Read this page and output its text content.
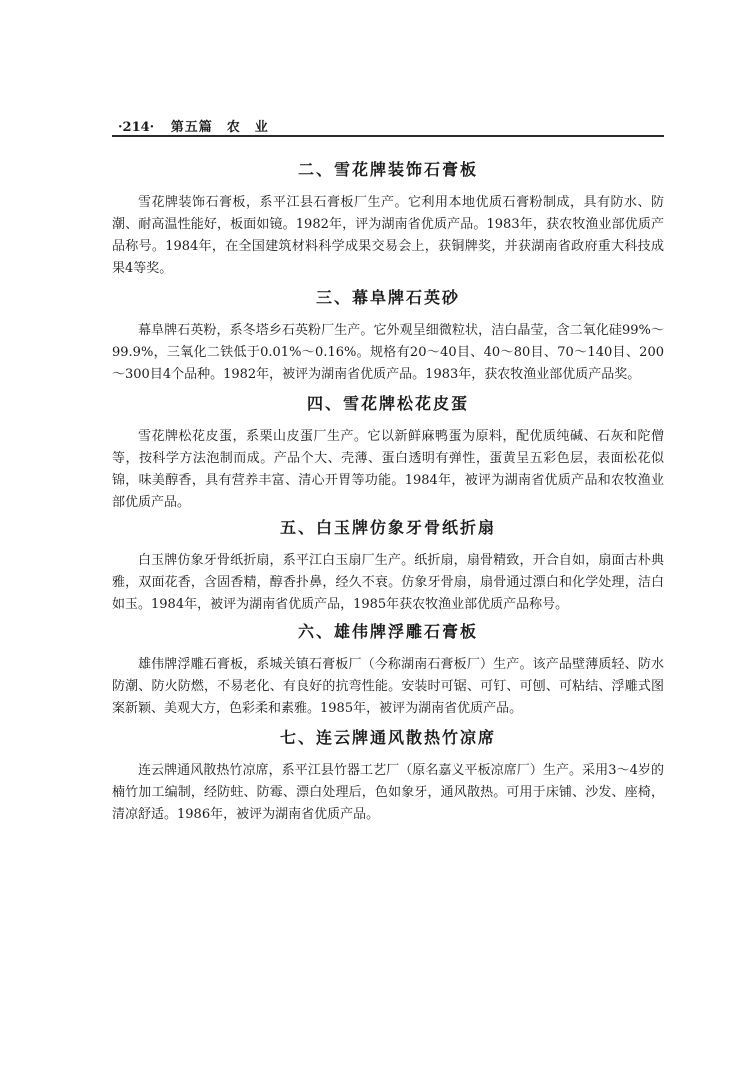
·214· 第五篇　农　业
二、雪花牌装饰石膏板

雪花牌装饰石膏板，系平江县石膏板厂生产。它利用本地优质石膏粉制成，具有防水、防潮、耐高温性能好，板面如镜。1982年，评为湖南省优质产品。1983年，获农牧渔业部优质产品称号。1984年，在全国建筑材料科学成果交易会上，获铜牌奖，并获湖南省政府重大科技成果4等奖。

三、幕阜牌石英砂

幕阜牌石英粉，系冬塔乡石英粉厂生产。它外观呈细微粒状，洁白晶莹，含二氧化硅99%～99.9%，三氧化二铁低于0.01%～0.16%。规格有20～40目、40～80目、70～140目、200～300目4个品种。1982年，被评为湖南省优质产品。1983年，获农牧渔业部优质产品奖。

四、雪花牌松花皮蛋

雪花牌松花皮蛋，系栗山皮蛋厂生产。它以新鲜麻鸭蛋为原料，配优质纯碱、石灰和陀僧等，按科学方法泡制而成。产品个大、壳薄、蛋白透明有弹性，蛋黄呈五彩色层，表面松花似锦，味美醇香，具有营养丰富、清心开胃等功能。1984年，被评为湖南省优质产品和农牧渔业部优质产品。

五、白玉牌仿象牙骨纸折扇

白玉牌仿象牙骨纸折扇，系平江白玉扇厂生产。纸折扇，扇骨精致，开合自如，扇面古朴典雅，双面花香，含固香精，醇香扑鼻，经久不衰。仿象牙骨扇，扇骨通过漂白和化学处理，洁白如玉。1984年，被评为湖南省优质产品，1985年获农牧渔业部优质产品称号。

六、雄伟牌浮雕石膏板

雄伟牌浮雕石膏板，系城关镇石膏板厂（今称湖南石膏板厂）生产。该产品壁薄质轻、防水防潮、防火防燃，不易老化、有良好的抗弯性能。安装时可锯、可钉、可刨、可粘结、浮雕式图案新颖、美观大方，色彩柔和素雅。1985年，被评为湖南省优质产品。

七、连云牌通风散热竹凉席

连云牌通风散热竹凉席，系平江县竹器工艺厂（原名嘉义平板凉席厂）生产。采用3～4岁的楠竹加工编制，经防蛀、防霉、漂白处理后，色如象牙，通风散热。可用于床铺、沙发、座椅，清凉舒适。1986年，被评为湖南省优质产品。
